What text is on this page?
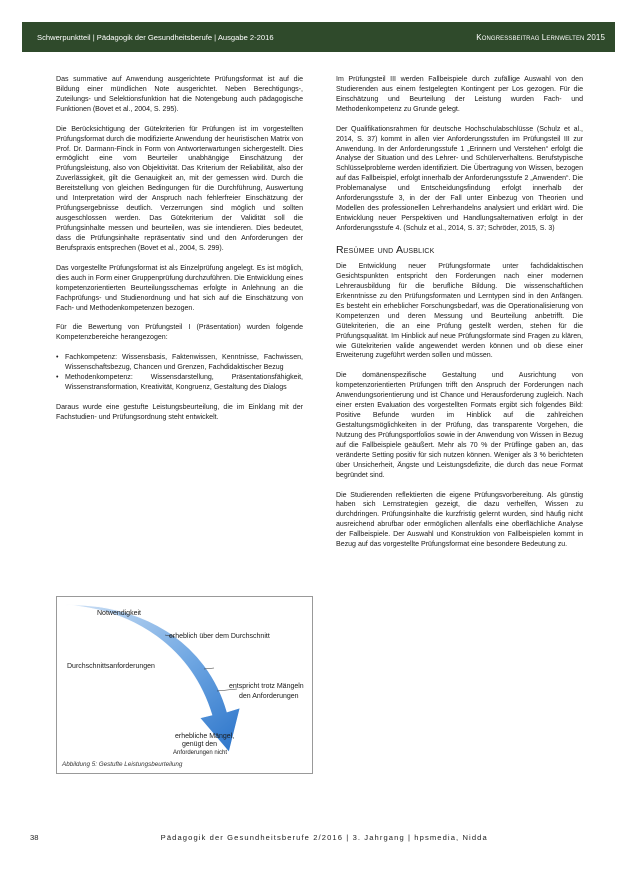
Schwerpunktteil | Pädagogik der Gesundheitsberufe | Ausgabe 2-2016	Kongressbeitrag Lernwelten 2015

Das summative auf Anwendung ausgerichtete Prüfungsformat ist auf die Bildung einer mündlichen Note ausgerichtet. Neben Berechtigungs-, Zuteilungs- und Selektionsfunktion hat die Notengebung auch pädagogische Funktionen (Bovet et al., 2004, S. 295).

Die Berücksichtigung der Gütekriterien für Prüfungen ist im vorgestellten Prüfungsformat durch die modifizierte Anwendung der heuristischen Matrix von Prof. Dr. Darmann-Finck in Form von Antworterwartungen sichergestellt. Dies ermöglicht eine vom Beurteiler unabhängige Einschätzung der Prüfungsleistung, also von Objektivität. Das Kriterium der Reliabilität, also der Zuverlässigkeit, gilt die Genauigkeit an, mit der gemessen wird. Durch die Bereitstellung von gleichen Bedingungen für die Durchführung, Auswertung und Interpretation wird der Anspruch nach fehlerfreier Einschätzung der Prüfungsergebnisse deutlich. Verzerrungen sind möglich und sollten ausgeschlossen werden. Das Gütekriterium der Validität soll die Prüfungsinhalte messen und beurteilen, was sie intendieren. Dies bedeutet, dass die Prüfungsinhalte repräsentativ sind und den Anforderungen der Berufspraxis entsprechen (Bovet et al., 2004, S. 299).

Das vorgestellte Prüfungsformat ist als Einzelprüfung angelegt. Es ist möglich, dies auch in Form einer Gruppenprüfung durchzuführen. Die Entwicklung eines kompetenzorientierten Beurteilungsschemas erfolgte in Anlehnung an die Fachprüfungs- und Studienordnung und hat sich auf die Einschätzung von Fach- und Methodenkompetenzen bezogen.

Für die Bewertung von Prüfungsteil I (Präsentation) wurden folgende Kompetenzbereiche herangezogen:

• Fachkompetenz: Wissensbasis, Faktenwissen, Kenntnisse, Fachwissen, Wissenschaftsbezug, Chancen und Grenzen, Fachdidaktischer Bezug
• Methodenkompetenz: Wissensdarstellung, Präsentationsfähigkeit, Wissenstransformation, Kreativität, Kongruenz, Gestaltung des Dialogs

Daraus wurde eine gestufte Leistungsbeurteilung, die im Einklang mit der Fachstudien- und Prüfungsordnung steht entwickelt.

Notwendigkeit
erheblich über dem Durchschnitt
Durchschnittsanforderungen
entspricht trotz Mängeln
den Anforderungen
erhebliche Mängel,
genügt den
Anforderungen nicht
Abbildung 5: Gestufte Leistungsbeurteilung

Im Prüfungsteil III werden Fallbeispiele durch zufällige Auswahl von den Studierenden aus einem festgelegten Kontingent per Los gezogen. Für die Einschätzung und Beurteilung der Leistung wurden Fach- und Methodenkompetenz zu Grunde gelegt.

Der Qualifikationsrahmen für deutsche Hochschulabschlüsse (Schulz et al., 2014, S. 37) kommt in allen vier Anforderungsstufen im Prüfungsteil III zur Anwendung. In der Anforderungsstufe 1 „Erinnern und Verstehen“ erfolgt die Analyse der Situation und des Lehrer- und Schülerverhaltens. Berufstypische Schlüsselprobleme werden identifiziert. Die Übertragung von Wissen, bezogen auf das Fallbeispiel, erfolgt innerhalb der Anforderungsstufe 2 „Anwenden“. Die Problemanalyse und Entscheidungsfindung erfolgt innerhalb der Anforderungsstufe 3, in der der Fall unter Einbezug von Theorien und Modellen des professionellen Lehrerhandelns analysiert und erklärt wird. Die Entwicklung neuer Perspektiven und Handlungsalternativen erfolgt in der Anforderungsstufe 4. (Schulz et al., 2014, S. 37; Schröder, 2015, S. 3)

Resümee und Ausblick

Die Entwicklung neuer Prüfungsformate unter fachdidaktischen Gesichtspunkten entspricht den Forderungen nach einer modernen Lehrerausbildung für die berufliche Bildung. Die wissenschaftlichen Erkenntnisse zu den Prüfungsformaten und Lerntypen sind in den Anfängen. Es besteht ein erheblicher Forschungsbedarf, was die Operationalisierung von Kompetenzen und deren Messung und Beurteilung anbetrifft. Die Gütekriterien, die an eine Prüfung gestellt werden, stehen für die Prüfungsqualität. Im Hinblick auf neue Prüfungsformate sind Fragen zu klären, wie Gütekriterien valide angewendet werden können und ob diese einer Erweiterung zugeführt werden sollen und müssen.

Die domänenspezifische Gestaltung und Ausrichtung von kompetenzorientierten Prüfungen trifft den Anspruch der Forderungen nach Anwendungsorientierung und ist Chance und Herausforderung zugleich. Nach einer ersten Evaluation des vorgestellten Formats ergibt sich folgendes Bild: Positive Befunde wurden im Hinblick auf die zahlreichen Gestaltungsmöglichkeiten in der Prüfung, das transparente Vorgehen, die Nutzung des Prüfungsportfolios sowie in der Anwendung von Wissen in Bezug auf die Fallbeispiele geäußert. Mehr als 70 % der Prüflinge gaben an, das veränderte Setting positiv für sich nutzen können. Weniger als 3 % berichteten über Unsicherheit, Ängste und Leistungsdefizite, die durch das neue Format begründet sind.

Die Studierenden reflektierten die eigene Prüfungsvorbereitung. Als günstig haben sich Lernstrategien gezeigt, die dazu verhelfen, Wissen zu durchdringen. Prüfungsinhalte die kurzfristig gelernt wurden, sind häufig nicht ausreichend abrufbar oder ermöglichen allenfalls eine oberflächliche Analyse der Fallbeispiele. Der Auswahl und Konstruktion von Fallbeispielen kommt in Bezug auf das vorgestellte Prüfungsformat eine besondere Bedeutung zu.

38	Pädagogik der Gesundheitsberufe 2/2016 | 3. Jahrgang | hpsmedia, Nidda
